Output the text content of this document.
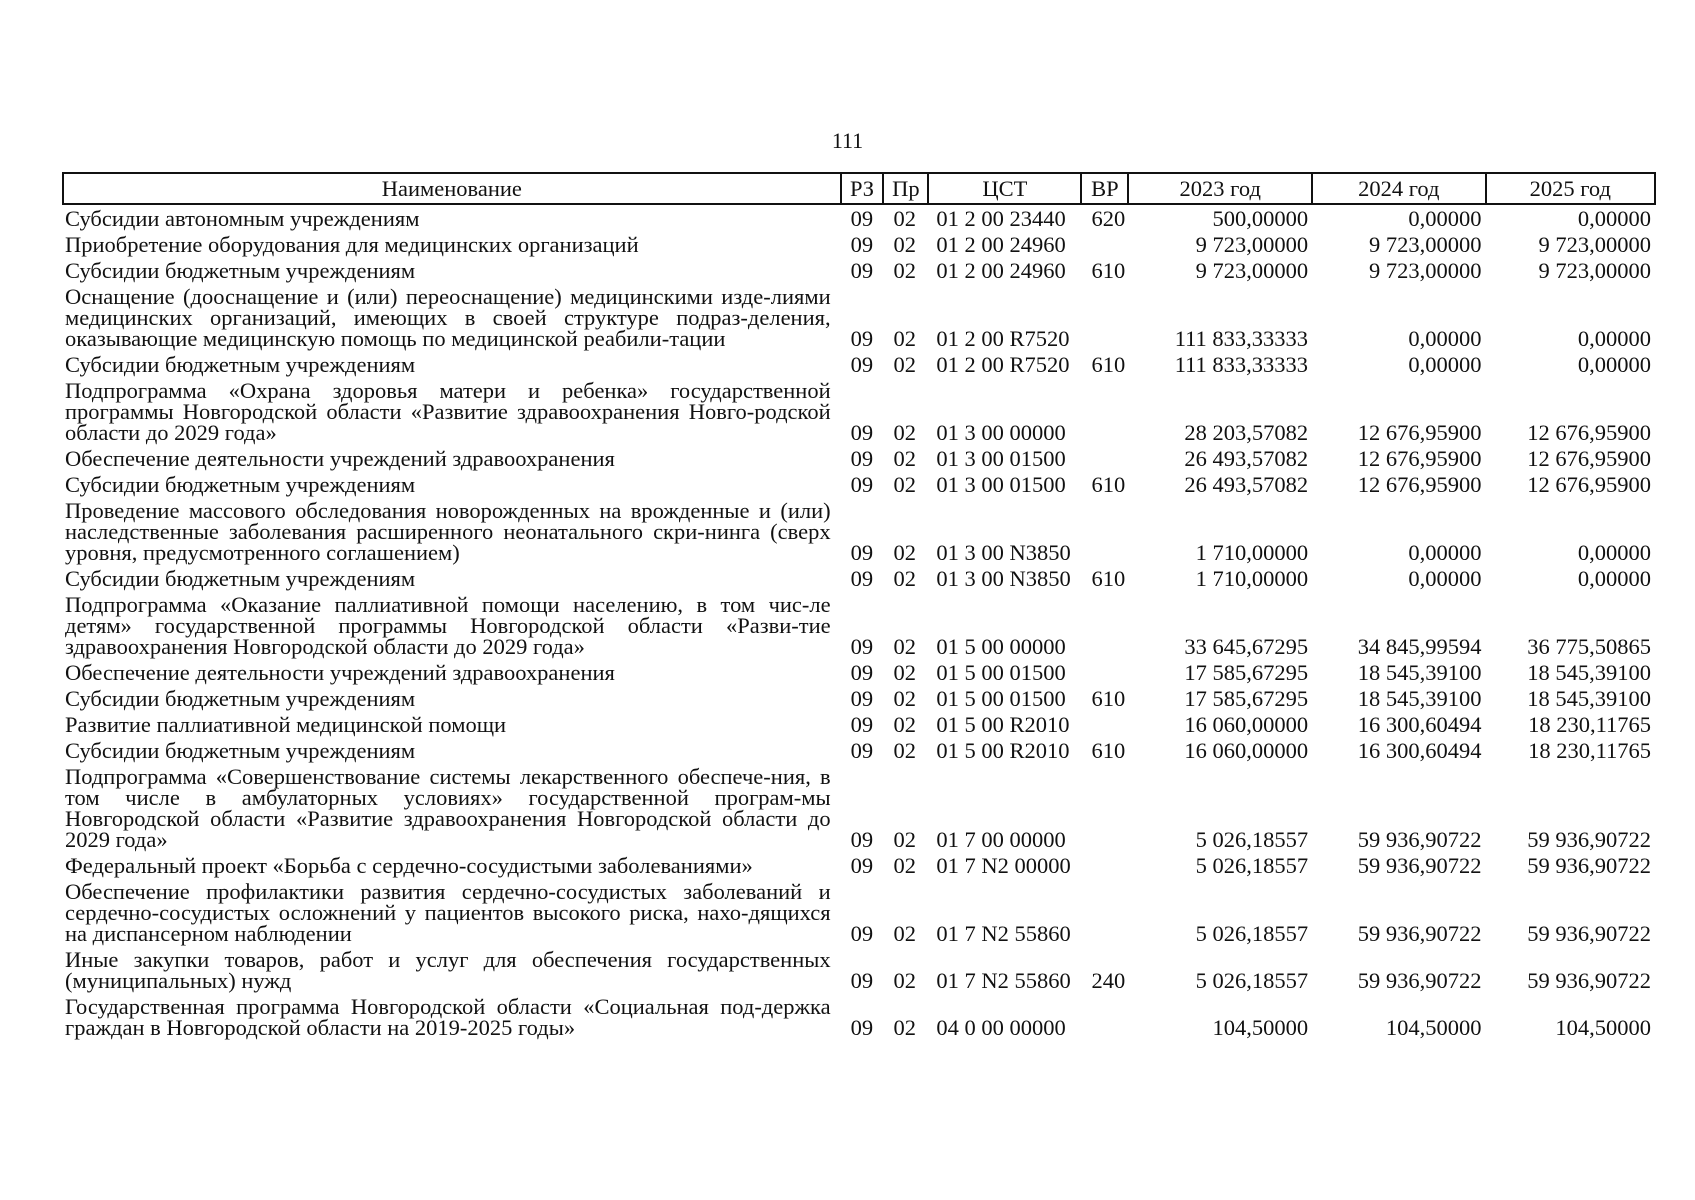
111
Наименование	РЗ	Пр	ЦСТ	ВР	2023 год	2024 год	2025 год
Субсидии автономным учреждениям	09	02	01 2 00 23440	620	500,00000	0,00000	0,00000
Приобретение оборудования для медицинских организаций	09	02	01 2 00 24960		9 723,00000	9 723,00000	9 723,00000
Субсидии бюджетным учреждениям	09	02	01 2 00 24960	610	9 723,00000	9 723,00000	9 723,00000
Оснащение (дооснащение и (или) переоснащение) медицинскими изде-лиями медицинских организаций, имеющих в своей структуре подраз-деления, оказывающие медицинскую помощь по медицинской реабили-тации	09	02	01 2 00 R7520		111 833,33333	0,00000	0,00000
Субсидии бюджетным учреждениям	09	02	01 2 00 R7520	610	111 833,33333	0,00000	0,00000
Подпрограмма «Охрана здоровья матери и ребенка» государственной программы Новгородской области «Развитие здравоохранения Новго-родской области до 2029 года»	09	02	01 3 00 00000		28 203,57082	12 676,95900	12 676,95900
Обеспечение деятельности учреждений здравоохранения	09	02	01 3 00 01500		26 493,57082	12 676,95900	12 676,95900
Субсидии бюджетным учреждениям	09	02	01 3 00 01500	610	26 493,57082	12 676,95900	12 676,95900
Проведение массового обследования новорожденных на врожденные и (или) наследственные заболевания расширенного неонатального скри-нинга (сверх уровня, предусмотренного соглашением)	09	02	01 3 00 N3850		1 710,00000	0,00000	0,00000
Субсидии бюджетным учреждениям	09	02	01 3 00 N3850	610	1 710,00000	0,00000	0,00000
Подпрограмма «Оказание паллиативной помощи населению, в том чис-ле детям» государственной программы Новгородской области «Разви-тие здравоохранения Новгородской области до 2029 года»	09	02	01 5 00 00000		33 645,67295	34 845,99594	36 775,50865
Обеспечение деятельности учреждений здравоохранения	09	02	01 5 00 01500		17 585,67295	18 545,39100	18 545,39100
Субсидии бюджетным учреждениям	09	02	01 5 00 01500	610	17 585,67295	18 545,39100	18 545,39100
Развитие паллиативной медицинской помощи	09	02	01 5 00 R2010		16 060,00000	16 300,60494	18 230,11765
Субсидии бюджетным учреждениям	09	02	01 5 00 R2010	610	16 060,00000	16 300,60494	18 230,11765
Подпрограмма «Совершенствование системы лекарственного обеспече-ния, в том числе в амбулаторных условиях» государственной програм-мы Новгородской области «Развитие здравоохранения Новгородской области до 2029 года»	09	02	01 7 00 00000		5 026,18557	59 936,90722	59 936,90722
Федеральный проект «Борьба с сердечно-сосудистыми заболеваниями»	09	02	01 7 N2 00000		5 026,18557	59 936,90722	59 936,90722
Обеспечение профилактики развития сердечно-сосудистых заболеваний и сердечно-сосудистых осложнений у пациентов высокого риска, нахо-дящихся на диспансерном наблюдении	09	02	01 7 N2 55860		5 026,18557	59 936,90722	59 936,90722
Иные закупки товаров, работ и услуг для обеспечения государственных (муниципальных) нужд	09	02	01 7 N2 55860	240	5 026,18557	59 936,90722	59 936,90722
Государственная программа Новгородской области «Социальная под-держка граждан в Новгородской области на 2019-2025 годы»	09	02	04 0 00 00000		104,50000	104,50000	104,50000
